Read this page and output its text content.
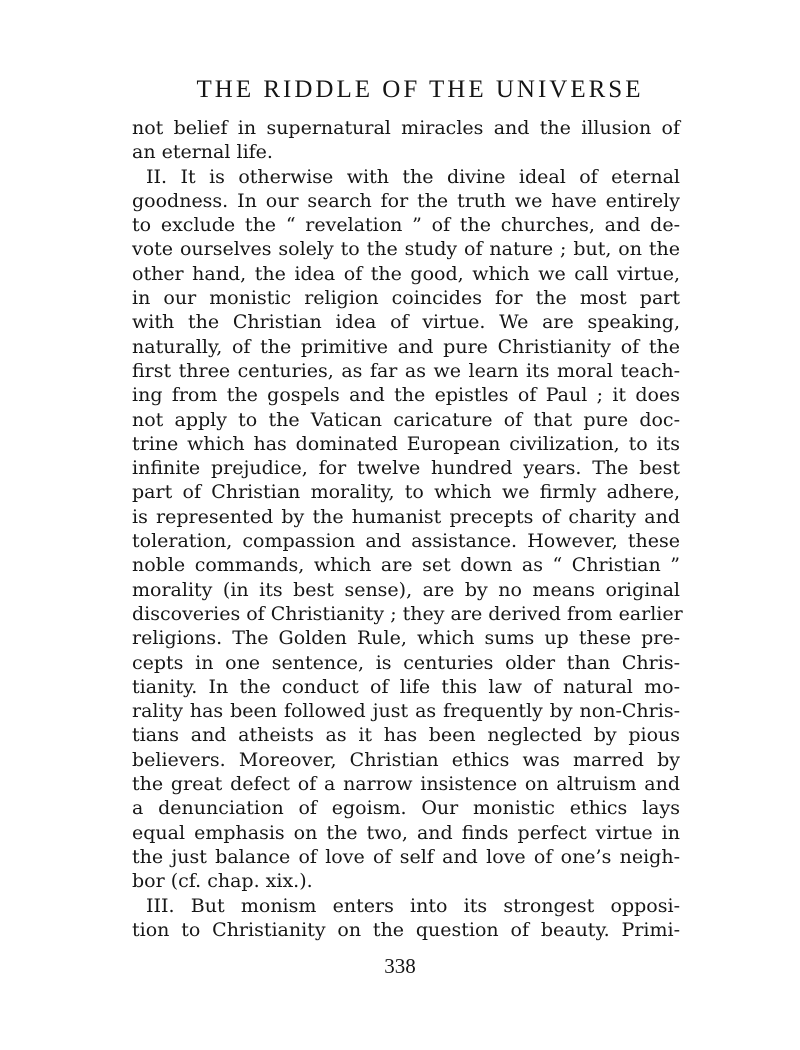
THE RIDDLE OF THE UNIVERSE
not belief in supernatural miracles and the illusion of
an eternal life.
II. It is otherwise with the divine ideal of eternal
goodness. In our search for the truth we have entirely
to exclude the “ revelation ” of the churches, and de-
vote ourselves solely to the study of nature ; but, on the
other hand, the idea of the good, which we call virtue,
in our monistic religion coincides for the most part
with the Christian idea of virtue. We are speaking,
naturally, of the primitive and pure Christianity of the
first three centuries, as far as we learn its moral teach-
ing from the gospels and the epistles of Paul ; it does
not apply to the Vatican caricature of that pure doc-
trine which has dominated European civilization, to its
infinite prejudice, for twelve hundred years. The best
part of Christian morality, to which we firmly adhere,
is represented by the humanist precepts of charity and
toleration, compassion and assistance. However, these
noble commands, which are set down as “ Christian ”
morality (in its best sense), are by no means original
discoveries of Christianity ; they are derived from earlier
religions. The Golden Rule, which sums up these pre-
cepts in one sentence, is centuries older than Chris-
tianity. In the conduct of life this law of natural mo-
rality has been followed just as frequently by non-Chris-
tians and atheists as it has been neglected by pious
believers. Moreover, Christian ethics was marred by
the great defect of a narrow insistence on altruism and
a denunciation of egoism. Our monistic ethics lays
equal emphasis on the two, and finds perfect virtue in
the just balance of love of self and love of one’s neigh-
bor (cf. chap. xix.).
III. But monism enters into its strongest opposi-
tion to Christianity on the question of beauty. Primi-
338
